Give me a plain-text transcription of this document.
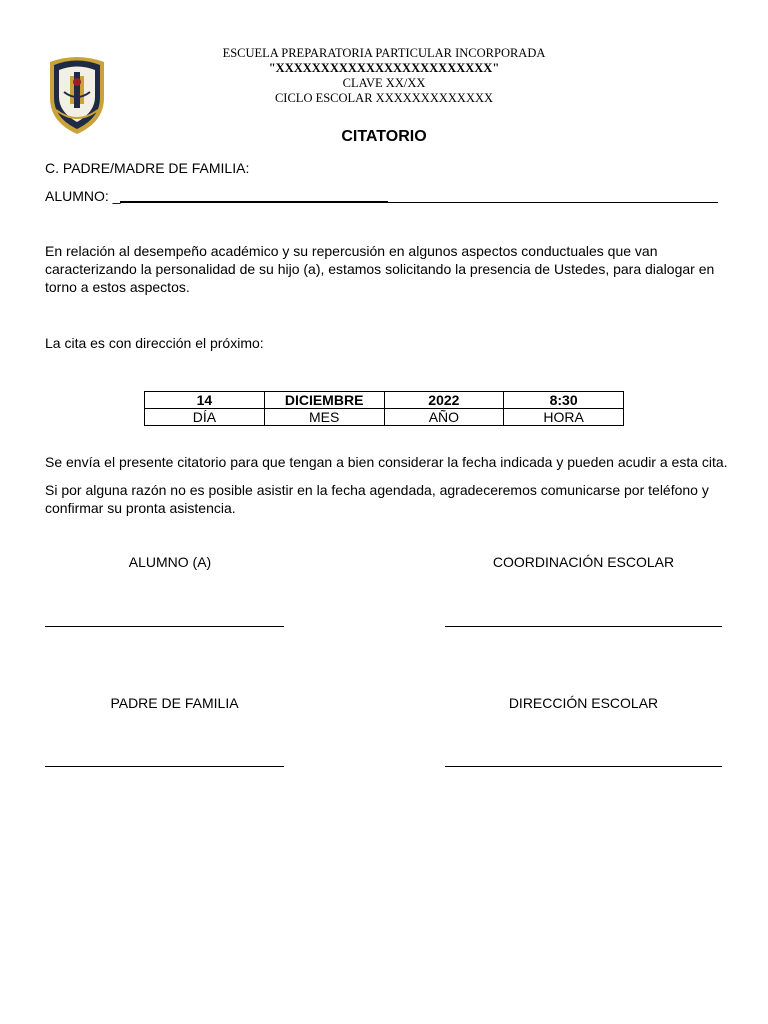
ESCUELA PREPARATORIA PARTICULAR INCORPORADA
"XXXXXXXXXXXXXXXXXXXXXXXX"
CLAVE XX/XX
CICLO ESCOLAR XXXXXXXXXXXXX
CITATORIO
C. PADRE/MADRE DE FAMILIA:
ALUMNO: _
En relación al desempeño académico y su repercusión en algunos aspectos conductuales que van caracterizando la personalidad de su hijo (a), estamos solicitando la presencia de Ustedes, para dialogar en torno a estos aspectos.
La cita es con dirección el próximo:
14	DICIEMBRE	2022	8:30
DÍA	MES	AÑO	HORA
Se envía el presente citatorio para que tengan a bien considerar la fecha indicada y pueden acudir a esta cita.
Si por alguna razón no es posible asistir en la fecha agendada, agradeceremos comunicarse por teléfono y confirmar su pronta asistencia.
ALUMNO (A)	COORDINACIÓN ESCOLAR
PADRE DE FAMILIA	DIRECCIÓN ESCOLAR
